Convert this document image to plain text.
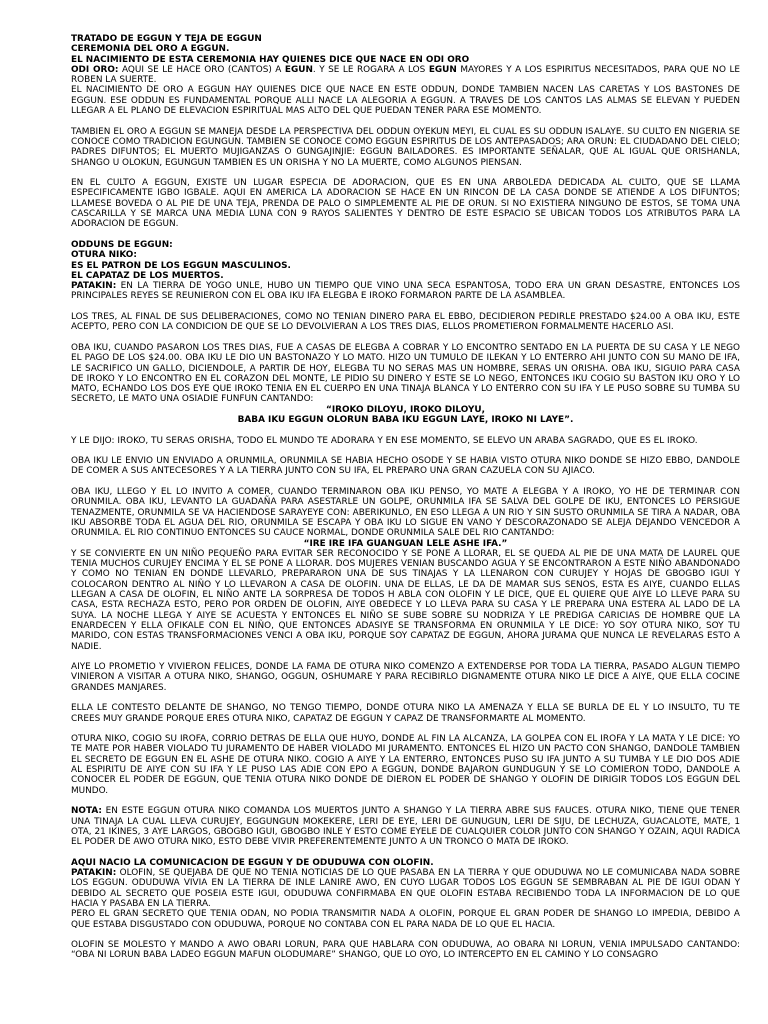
TRATADO DE EGGUN Y TEJA DE EGGUN
CEREMONIA DEL ORO A EGGUN.
EL NACIMIENTO DE ESTA CEREMONIA HAY QUIENES DICE QUE NACE EN ODI ORO

ODI ORO: AQUI SE LE HACE ORO (CANTOS) A EGUN. Y SE LE ROGARA A LOS EGUN MAYORES Y A LOS ESPIRITUS NECESITADOS, PARA QUE NO LE ROBEN LA SUERTE.

EL NACIMIENTO DE ORO A EGGUN HAY QUIENES DICE QUE NACE EN ESTE ODDUN, DONDE TAMBIEN NACEN LAS CARETAS Y LOS BASTONES DE EGGUN. ESE ODDUN ES FUNDAMENTAL PORQUE ALLI NACE LA ALEGORIA A EGGUN. A TRAVES DE LOS CANTOS LAS ALMAS SE ELEVAN Y PUEDEN LLEGAR A EL PLANO DE ELEVACION ESPIRITUAL MAS ALTO DEL QUE PUEDAN TENER PARA ESE MOMENTO.

TAMBIEN EL ORO A EGGUN SE MANEJA DESDE LA PERSPECTIVA DEL ODDUN OYEKUN MEYI, EL CUAL ES SU ODDUN ISALAYE. SU CULTO EN NIGERIA SE CONOCE COMO TRADICION EGUNGUN. TAMBIEN SE CONOCE COMO EGGUN ESPIRITUS DE LOS ANTEPASADOS; ARA ORUN: EL CIUDADANO DEL CIELO; PADRES DIFUNTOS; EL MUERTO MUJIGANZAS O GUNGAJINJIE: EGGUN BAILADORES. ES IMPORTANTE SEÑALAR, QUE AL IGUAL QUE ORISHANLA, SHANGO U OLOKUN, EGUNGUN TAMBIEN ES UN ORISHA Y NO LA MUERTE, COMO ALGUNOS PIENSAN.

EN EL CULTO A EGGUN, EXISTE UN LUGAR ESPECIA DE ADORACION, QUE ES EN UNA ARBOLEDA DEDICADA AL CULTO, QUE SE LLAMA ESPECIFICAMENTE IGBO IGBALE. AQUI EN AMERICA LA ADORACION SE HACE EN UN RINCON DE LA CASA DONDE SE ATIENDE A LOS DIFUNTOS; LLAMESE BOVEDA O AL PIE DE UNA TEJA, PRENDA DE PALO O SIMPLEMENTE AL PIE DE ORUN. SI NO EXISTIERA NINGUNO DE ESTOS, SE TOMA UNA CASCARILLA Y SE MARCA UNA MEDIA LUNA CON 9 RAYOS SALIENTES Y DENTRO DE ESTE ESPACIO SE UBICAN TODOS LOS ATRIBUTOS PARA LA ADORACION DE EGGUN.

ODDUNS DE EGGUN:
OTURA NIKO:
ES EL PATRON DE LOS EGGUN MASCULINOS.
EL CAPATAZ DE LOS MUERTOS.

PATAKIN: EN LA TIERRA DE YOGO UNLE, HUBO UN TIEMPO QUE VINO UNA SECA ESPANTOSA, TODO ERA UN GRAN DESASTRE, ENTONCES LOS PRINCIPALES REYES SE REUNIERON CON EL OBA IKU IFA ELEGBA E IROKO FORMARON PARTE DE LA ASAMBLEA.

LOS TRES, AL FINAL DE SUS DELIBERACIONES, COMO NO TENIAN DINERO PARA EL EBBO, DECIDIERON PEDIRLE PRESTADO $24.00 A OBA IKU, ESTE ACEPTO, PERO CON LA CONDICION DE QUE SE LO DEVOLVIERAN A LOS TRES DIAS, ELLOS PROMETIERON FORMALMENTE HACERLO ASI.

OBA IKU, CUANDO PASARON LOS TRES DIAS, FUE A CASAS DE ELEGBA A COBRAR Y LO ENCONTRO SENTADO EN LA PUERTA DE SU CASA Y LE NEGO EL PAGO DE LOS $24.00. OBA IKU LE DIO UN BASTONAZO Y LO MATO. HIZO UN TUMULO DE ILEKAN Y LO ENTERRO AHI JUNTO CON SU MANO DE IFA, LE SACRIFICO UN GALLO, DICIENDOLE, A PARTIR DE HOY, ELEGBA TU NO SERAS MAS UN HOMBRE, SERAS UN ORISHA. OBA IKU, SIGUIO PARA CASA DE IROKO Y LO ENCONTRO EN EL CORAZON DEL MONTE, LE PIDIO SU DINERO Y ESTE SE LO NEGO, ENTONCES IKU COGIO SU BASTON IKU ORO Y LO MATO, ECHANDO LOS DOS EYE QUE IROKO TENIA EN EL CUERPO EN UNA TINAJA BLANCA Y LO ENTERRO CON SU IFA Y LE PUSO SOBRE SU TUMBA SU SECRETO, LE MATO UNA OSIADIE FUNFUN CANTANDO:

“IROKO DILOYU, IROKO DILOYU,
BABA IKU EGGUN OLORUN BABA IKU EGGUN LAYE, IROKO NI LAYE”.

Y LE DIJO: IROKO, TU SERAS ORISHA, TODO EL MUNDO TE ADORARA Y EN ESE MOMENTO, SE ELEVO UN ARABA SAGRADO, QUE ES EL IROKO.

OBA IKU LE ENVIO UN ENVIADO A ORUNMILA, ORUNMILA SE HABIA HECHO OSODE Y SE HABIA VISTO OTURA NIKO DONDE SE HIZO EBBO, DANDOLE DE COMER A SUS ANTECESORES Y A LA TIERRA JUNTO CON SU IFA, EL PREPARO UNA GRAN CAZUELA CON SU AJIACO.

OBA IKU, LLEGO Y EL LO INVITO A COMER, CUANDO TERMINARON OBA IKU PENSO, YO MATE A ELEGBA Y A IROKO, YO HE DE TERMINAR CON ORUNMILA. OBA IKU, LEVANTO LA GUADAÑA PARA ASESTARLE UN GOLPE, ORUNMILA IFA SE SALVA DEL GOLPE DE IKU, ENTONCES LO PERSIGUE TENAZMENTE, ORUNMILA SE VA HACIENDOSE SARAYEYE CON: ABERIKUNLO, EN ESO LLEGA A UN RIO Y SIN SUSTO ORUNMILA SE TIRA A NADAR, OBA IKU ABSORBE TODA EL AGUA DEL RIO, ORUNMILA SE ESCAPA Y OBA IKU LO SIGUE EN VANO Y DESCORAZONADO SE ALEJA DEJANDO VENCEDOR A ORUNMILA. EL RIO CONTINUO ENTONCES SU CAUCE NORMAL, DONDE ORUNMILA SALE DEL RIO CANTANDO:

“IRE IRE IFA GUANGUAN LELE ASHE IFA.”

Y SE CONVIERTE EN UN NIÑO PEQUEÑO PARA EVITAR SER RECONOCIDO Y SE PONE A LLORAR, EL SE QUEDA AL PIE DE UNA MATA DE LAUREL QUE TENIA MUCHOS CURUJEY ENCIMA Y EL SE PONE A LLORAR. DOS MUJERES VENIAN BUSCANDO AGUA Y SE ENCONTRARON A ESTE NIÑO ABANDONADO Y COMO NO TENIAN EN DONDE LLEVARLO, PREPARARON UNA DE SUS TINAJAS Y LA LLENARON CON CURUJEY Y HOJAS DE GBOGBO IGUI Y COLOCARON DENTRO AL NIÑO Y LO LLEVARON A CASA DE OLOFIN. UNA DE ELLAS, LE DA DE MAMAR SUS SENOS, ESTA ES AIYE, CUANDO ELLAS LLEGAN A CASA DE OLOFIN, EL NIÑO ANTE LA SORPRESA DE TODOS H ABLA CON OLOFIN Y LE DICE, QUE EL QUIERE QUE AIYE LO LLEVE PARA SU CASA, ESTA RECHAZA ESTO, PERO POR ORDEN DE OLOFIN, AIYE OBEDECE Y LO LLEVA PARA SU CASA Y LE PREPARA UNA ESTERA AL LADO DE LA SUYA. LA NOCHE LLEGA Y AIYE SE ACUESTA Y ENTONCES EL NIÑO SE SUBE SOBRE SU NODRIZA Y LE PREDIGA CARICIAS DE HOMBRE QUE LA ENARDECEN Y ELLA OFIKALE CON EL NIÑO, QUE ENTONCES ADASIYE SE TRANSFORMA EN ORUNMILA Y LE DICE: YO SOY OTURA NIKO, SOY TU MARIDO, CON ESTAS TRANSFORMACIONES VENCI A OBA IKU, PORQUE SOY CAPATAZ DE EGGUN, AHORA JURAMA QUE NUNCA LE REVELARAS ESTO A NADIE.

AIYE LO PROMETIO Y VIVIERON FELICES, DONDE LA FAMA DE OTURA NIKO COMENZO A EXTENDERSE POR TODA LA TIERRA, PASADO ALGUN TIEMPO VINIERON A VISITAR A OTURA NIKO, SHANGO, OGGUN, OSHUMARE Y PARA RECIBIRLO DIGNAMENTE OTURA NIKO LE DICE A AIYE, QUE ELLA COCINE GRANDES MANJARES.

ELLA LE CONTESTO DELANTE DE SHANGO, NO TENGO TIEMPO, DONDE OTURA NIKO LA AMENAZA Y ELLA SE BURLA DE EL Y LO INSULTO, TU TE CREES MUY GRANDE PORQUE ERES OTURA NIKO, CAPATAZ DE EGGUN Y CAPAZ DE TRANSFORMARTE AL MOMENTO.

OTURA NIKO, COGIO SU IROFA, CORRIO DETRAS DE ELLA QUE HUYO, DONDE AL FIN LA ALCANZA, LA GOLPEA CON EL IROFA Y LA MATA Y LE DICE: YO TE MATE POR HABER VIOLADO TU JURAMENTO DE HABER VIOLADO MI JURAMENTO. ENTONCES EL HIZO UN PACTO CON SHANGO, DANDOLE TAMBIEN EL SECRETO DE EGGUN EN EL ASHE DE OTURA NIKO. COGIO A AIYE Y LA ENTERRO, ENTONCES PUSO SU IFA JUNTO A SU TUMBA Y LE DIO DOS ADIE AL ESPIRITU DE AIYE CON SU IFA Y LE PUSO LAS ADIE CON EPO A EGGUN, DONDE BAJARON GUNDUGUN Y SE LO COMIERON TODO, DANDOLE A CONOCER EL PODER DE EGGUN, QUE TENIA OTURA NIKO DONDE DE DIERON EL PODER DE SHANGO Y OLOFIN DE DIRIGIR TODOS LOS EGGUN DEL MUNDO.

NOTA: EN ESTE EGGUN OTURA NIKO COMANDA LOS MUERTOS JUNTO A SHANGO Y LA TIERRA ABRE SUS FAUCES. OTURA NIKO, TIENE QUE TENER UNA TINAJA LA CUAL LLEVA CURUJEY, EGGUNGUN MOKEKERE, LERI DE EYE, LERI DE GUNUGUN, LERI DE SIJU, DE LECHUZA, GUACALOTE, MATE, 1 OTA, 21 IKINES, 3 AYE LARGOS, GBOGBO IGUI, GBOGBO INLE Y ESTO COME EYELE DE CUALQUIER COLOR JUNTO CON SHANGO Y OZAIN, AQUI RADICA EL PODER DE AWO OTURA NIKO, ESTO DEBE VIVIR PREFERENTEMENTE JUNTO A UN TRONCO O MATA DE IROKO.

AQUI NACIO LA COMUNICACION DE EGGUN Y DE ODUDUWA CON OLOFIN.

PATAKIN: OLOFIN, SE QUEJABA DE QUE NO TENIA NOTICIAS DE LO QUE PASABA EN LA TIERRA Y QUE ODUDUWA NO LE COMUNICABA NADA SOBRE LOS EGGUN. ODUDUWA VIVIA EN LA TIERRA DE INLE LANIRE AWO, EN CUYO LUGAR TODOS LOS EGGUN SE SEMBRABAN AL PIE DE IGUI ODAN Y DEBIDO AL SECRETO QUE POSEIA ESTE IGUI, ODUDUWA CONFIRMABA EN QUE OLOFIN ESTABA RECIBIENDO TODA LA INFORMACION DE LO QUE HACIA Y PASABA EN LA TIERRA.

PERO EL GRAN SECRETO QUE TENIA ODAN, NO PODIA TRANSMITIR NADA A OLOFIN, PORQUE EL GRAN PODER DE SHANGO LO IMPEDIA, DEBIDO A QUE ESTABA DISGUSTADO CON ODUDUWA, PORQUE NO CONTABA CON EL PARA NADA DE LO QUE EL HACIA.

OLOFIN SE MOLESTO Y MANDO A AWO OBARI LORUN, PARA QUE HABLARA CON ODUDUWA, AO OBARA NI LORUN, VENIA IMPULSADO CANTANDO: “OBA NI LORUN BABA LADEO EGGUN MAFUN OLODUMARE” SHANGO, QUE LO OYO, LO INTERCEPTO EN EL CAMINO Y LO CONSAGRO
